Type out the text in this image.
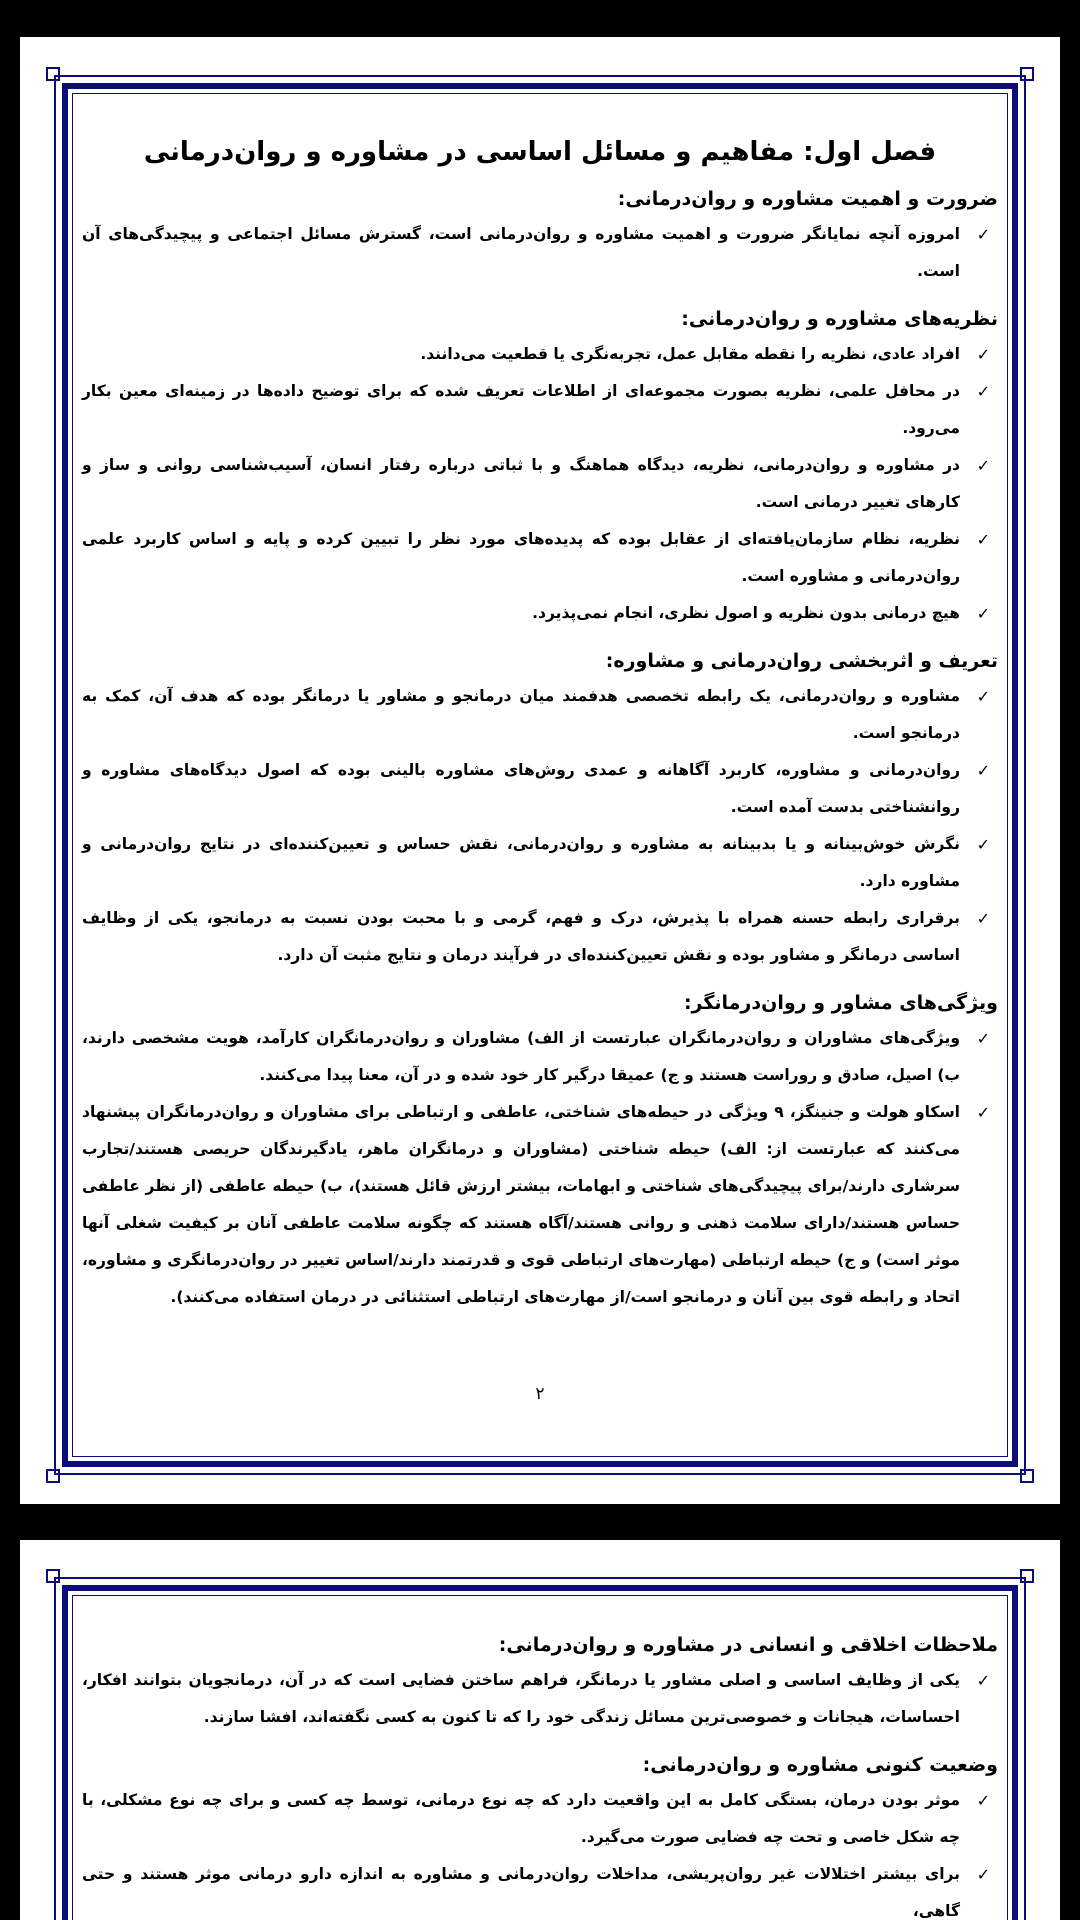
فصل اول: مفاهیم و مسائل اساسی در مشاوره و روان‌درمانی
ضرورت و اهمیت مشاوره و روان‌درمانی:
✓
امروزه آنچه نمایانگر ضرورت و اهمیت مشاوره و روان‌درمانی است، گسترش مسائل اجتماعی و پیچیدگی‌های آن است.
نظریه‌های مشاوره و روان‌درمانی:
✓
افراد عادی، نظریه را نقطه مقابل عمل، تجربه‌نگری یا قطعیت می‌دانند.
✓
در محافل علمی، نظریه بصورت مجموعه‌ای از اطلاعات تعریف شده که برای توضیح داده‌ها در زمینه‌ای معین بکار می‌رود.
✓
در مشاوره و روان‌درمانی، نظریه، دیدگاه هماهنگ و با ثباتی درباره رفتار انسان، آسیب‌شناسی روانی و ساز و کارهای تغییر درمانی است.
✓
نظریه، نظام سازمان‌یافته‌ای از عقابل بوده که پدیده‌های مورد نظر را تبیین کرده و پایه و اساس کاربرد علمی روان‌درمانی و مشاوره است.
✓
هیچ درمانی بدون نظریه و اصول نظری، انجام نمی‌پذیرد.
تعریف و اثربخشی روان‌درمانی و مشاوره:
✓
مشاوره و روان‌درمانی، یک رابطه تخصصی هدفمند میان درمانجو و مشاور یا درمانگر بوده که هدف آن، کمک به درمانجو است.
✓
روان‌درمانی و مشاوره، کاربرد آگاهانه و عمدی روش‌های مشاوره بالینی بوده که اصول دیدگاه‌های مشاوره و روانشناختی بدست آمده است.
✓
نگرش خوش‌بینانه و یا بدبینانه به مشاوره و روان‌درمانی، نقش حساس و تعیین‌کننده‌ای در نتایج روان‌درمانی و مشاوره دارد.
✓
برقراری رابطه حسنه همراه با پذیرش، درک و فهم، گرمی و با محبت بودن نسبت به درمانجو، یکی از وظایف اساسی درمانگر و مشاور بوده و نقش تعیین‌کننده‌ای در فرآیند درمان و نتایج مثبت آن دارد.
ویژگی‌های مشاور و روان‌درمانگر:
✓
ویژگی‌های مشاوران و روان‌درمانگران عبارتست از الف) مشاوران و روان‌درمانگران کارآمد، هویت مشخصی دارند، ب) اصیل، صادق و روراست هستند و ج) عمیقا درگیر کار خود شده و در آن، معنا پیدا می‌کنند.
✓
اسکاو هولت و جنینگز، ۹ ویژگی در حیطه‌های شناختی، عاطفی و ارتباطی برای مشاوران و روان‌درمانگران پیشنهاد می‌کنند که عبارتست از: الف) حیطه شناختی (مشاوران و درمانگران ماهر، یادگیرندگان حریصی هستند/تجارب سرشاری دارند/برای پیچیدگی‌های شناختی و ابهامات، بیشتر ارزش قائل هستند)، ب) حیطه عاطفی (از نظر عاطفی حساس هستند/دارای سلامت ذهنی و روانی هستند/آگاه هستند که چگونه سلامت عاطفی آنان بر کیفیت شغلی آنها موثر است) و ج) حیطه ارتباطی (مهارت‌های ارتباطی قوی و قدرتمند دارند/اساس تغییر در روان‌درمانگری و مشاوره، اتحاد و رابطه قوی بین آنان و درمانجو است/از مهارت‌های ارتباطی استثنائی در درمان استفاده می‌کنند).
۲
ملاحظات اخلاقی و انسانی در مشاوره و روان‌درمانی:
✓
یکی از وظایف اساسی و اصلی مشاور یا درمانگر، فراهم ساختن فضایی است که در آن، درمانجویان بتوانند افکار، احساسات، هیجانات و خصوصی‌ترین مسائل زندگی خود را که تا کنون به کسی نگفته‌اند، افشا سازند.
وضعیت کنونی مشاوره و روان‌درمانی:
✓
موثر بودن درمان، بستگی کامل به این واقعیت دارد که چه نوع درمانی، توسط چه کسی و برای چه نوع مشکلی، با چه شکل خاصی و تحت چه فضایی صورت می‌گیرد.
✓
برای بیشتر اختلالات غیر روان‌پریشی، مداخلات روان‌درمانی و مشاوره به اندازه دارو درمانی موثر هستند و حتی گاهی،
